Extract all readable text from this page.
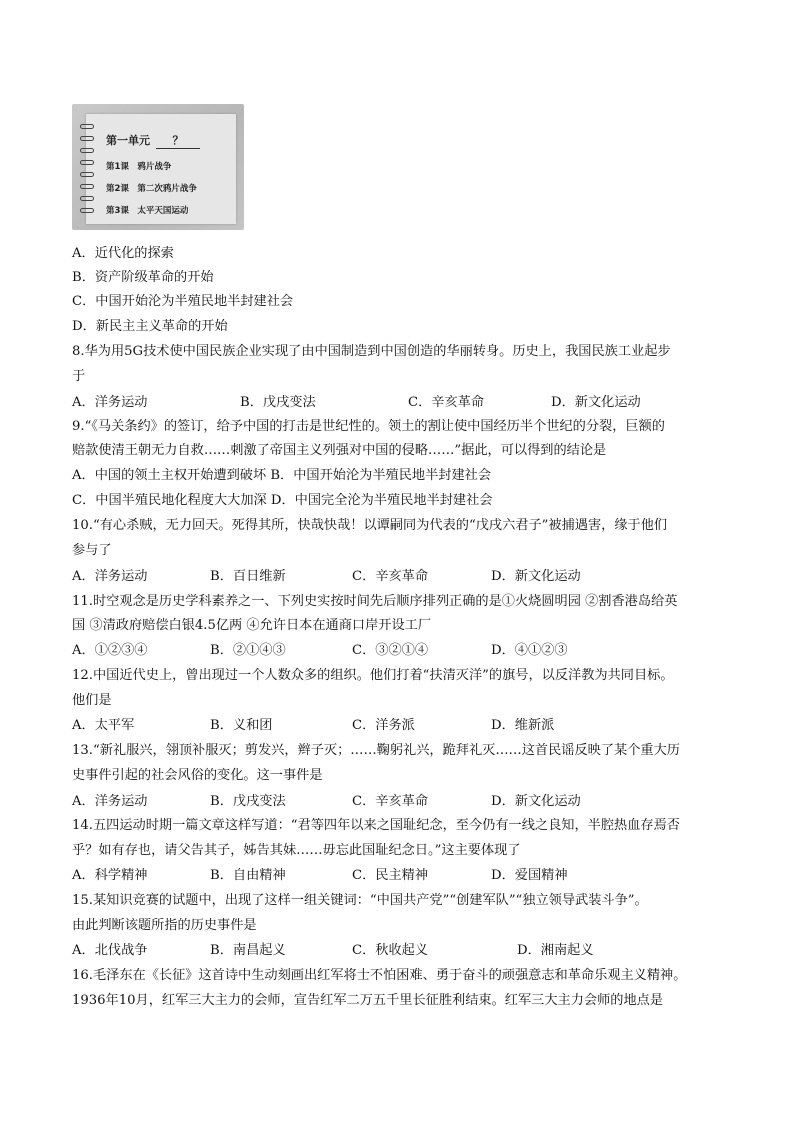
第一单元 ？
第1课　鸦片战争
第2课　第二次鸦片战争
第3课　太平天国运动
A．近代化的探索
B．资产阶级革命的开始
C．中国开始沦为半殖民地半封建社会
D．新民主主义革命的开始
8.华为用5G技术使中国民族企业实现了由中国制造到中国创造的华丽转身。历史上，我国民族工业起步
于
A．洋务运动	B．戊戌变法	C．辛亥革命	D．新文化运动
9.“《马关条约》的签订，给予中国的打击是世纪性的。领土的割让使中国经历半个世纪的分裂，巨额的
赔款使清王朝无力自救……刺激了帝国主义列强对中国的侵略……”据此，可以得到的结论是
A．中国的领土主权开始遭到破坏 B．中国开始沦为半殖民地半封建社会
C．中国半殖民地化程度大大加深 D．中国完全沦为半殖民地半封建社会
10.“有心杀贼，无力回天。死得其所，快哉快哉！以谭嗣同为代表的“戊戌六君子”被捕遇害，缘于他们
参与了
A．洋务运动	B．百日维新	C．辛亥革命	D．新文化运动
11.时空观念是历史学科素养之一、下列史实按时间先后顺序排列正确的是①火烧圆明园 ②割香港岛给英
国 ③清政府赔偿白银4.5亿两 ④允许日本在通商口岸开设工厂
A．①②③④	B．②①④③	C．③②①④	D．④①②③
12.中国近代史上，曾出现过一个人数众多的组织。他们打着“扶清灭洋”的旗号，以反洋教为共同目标。
他们是
A．太平军	B．义和团	C．洋务派	D．维新派
13.“新礼服兴，翎顶补服灭；剪发兴，辫子灭；……鞠躬礼兴，跪拜礼灭……这首民谣反映了某个重大历
史事件引起的社会风俗的变化。这一事件是
A．洋务运动	B．戊戌变法	C．辛亥革命	D．新文化运动
14.五四运动时期一篇文章这样写道：“君等四年以来之国耻纪念，至今仍有一线之良知，半腔热血存焉否
乎？如有存也，请父告其子，姊告其妹……毋忘此国耻纪念日。”这主要体现了
A．科学精神	B．自由精神	C．民主精神	D．爱国精神
15.某知识竞赛的试题中，出现了这样一组关键词：“中国共产党”“创建军队”“独立领导武装斗争”。
由此判断该题所指的历史事件是
A．北伐战争	B．南昌起义	C．秋收起义	D．湘南起义
16.毛泽东在《长征》这首诗中生动刻画出红军将士不怕困难、勇于奋斗的顽强意志和革命乐观主义精神。
1936年10月，红军三大主力的会师，宣告红军二万五千里长征胜利结束。红军三大主力会师的地点是
